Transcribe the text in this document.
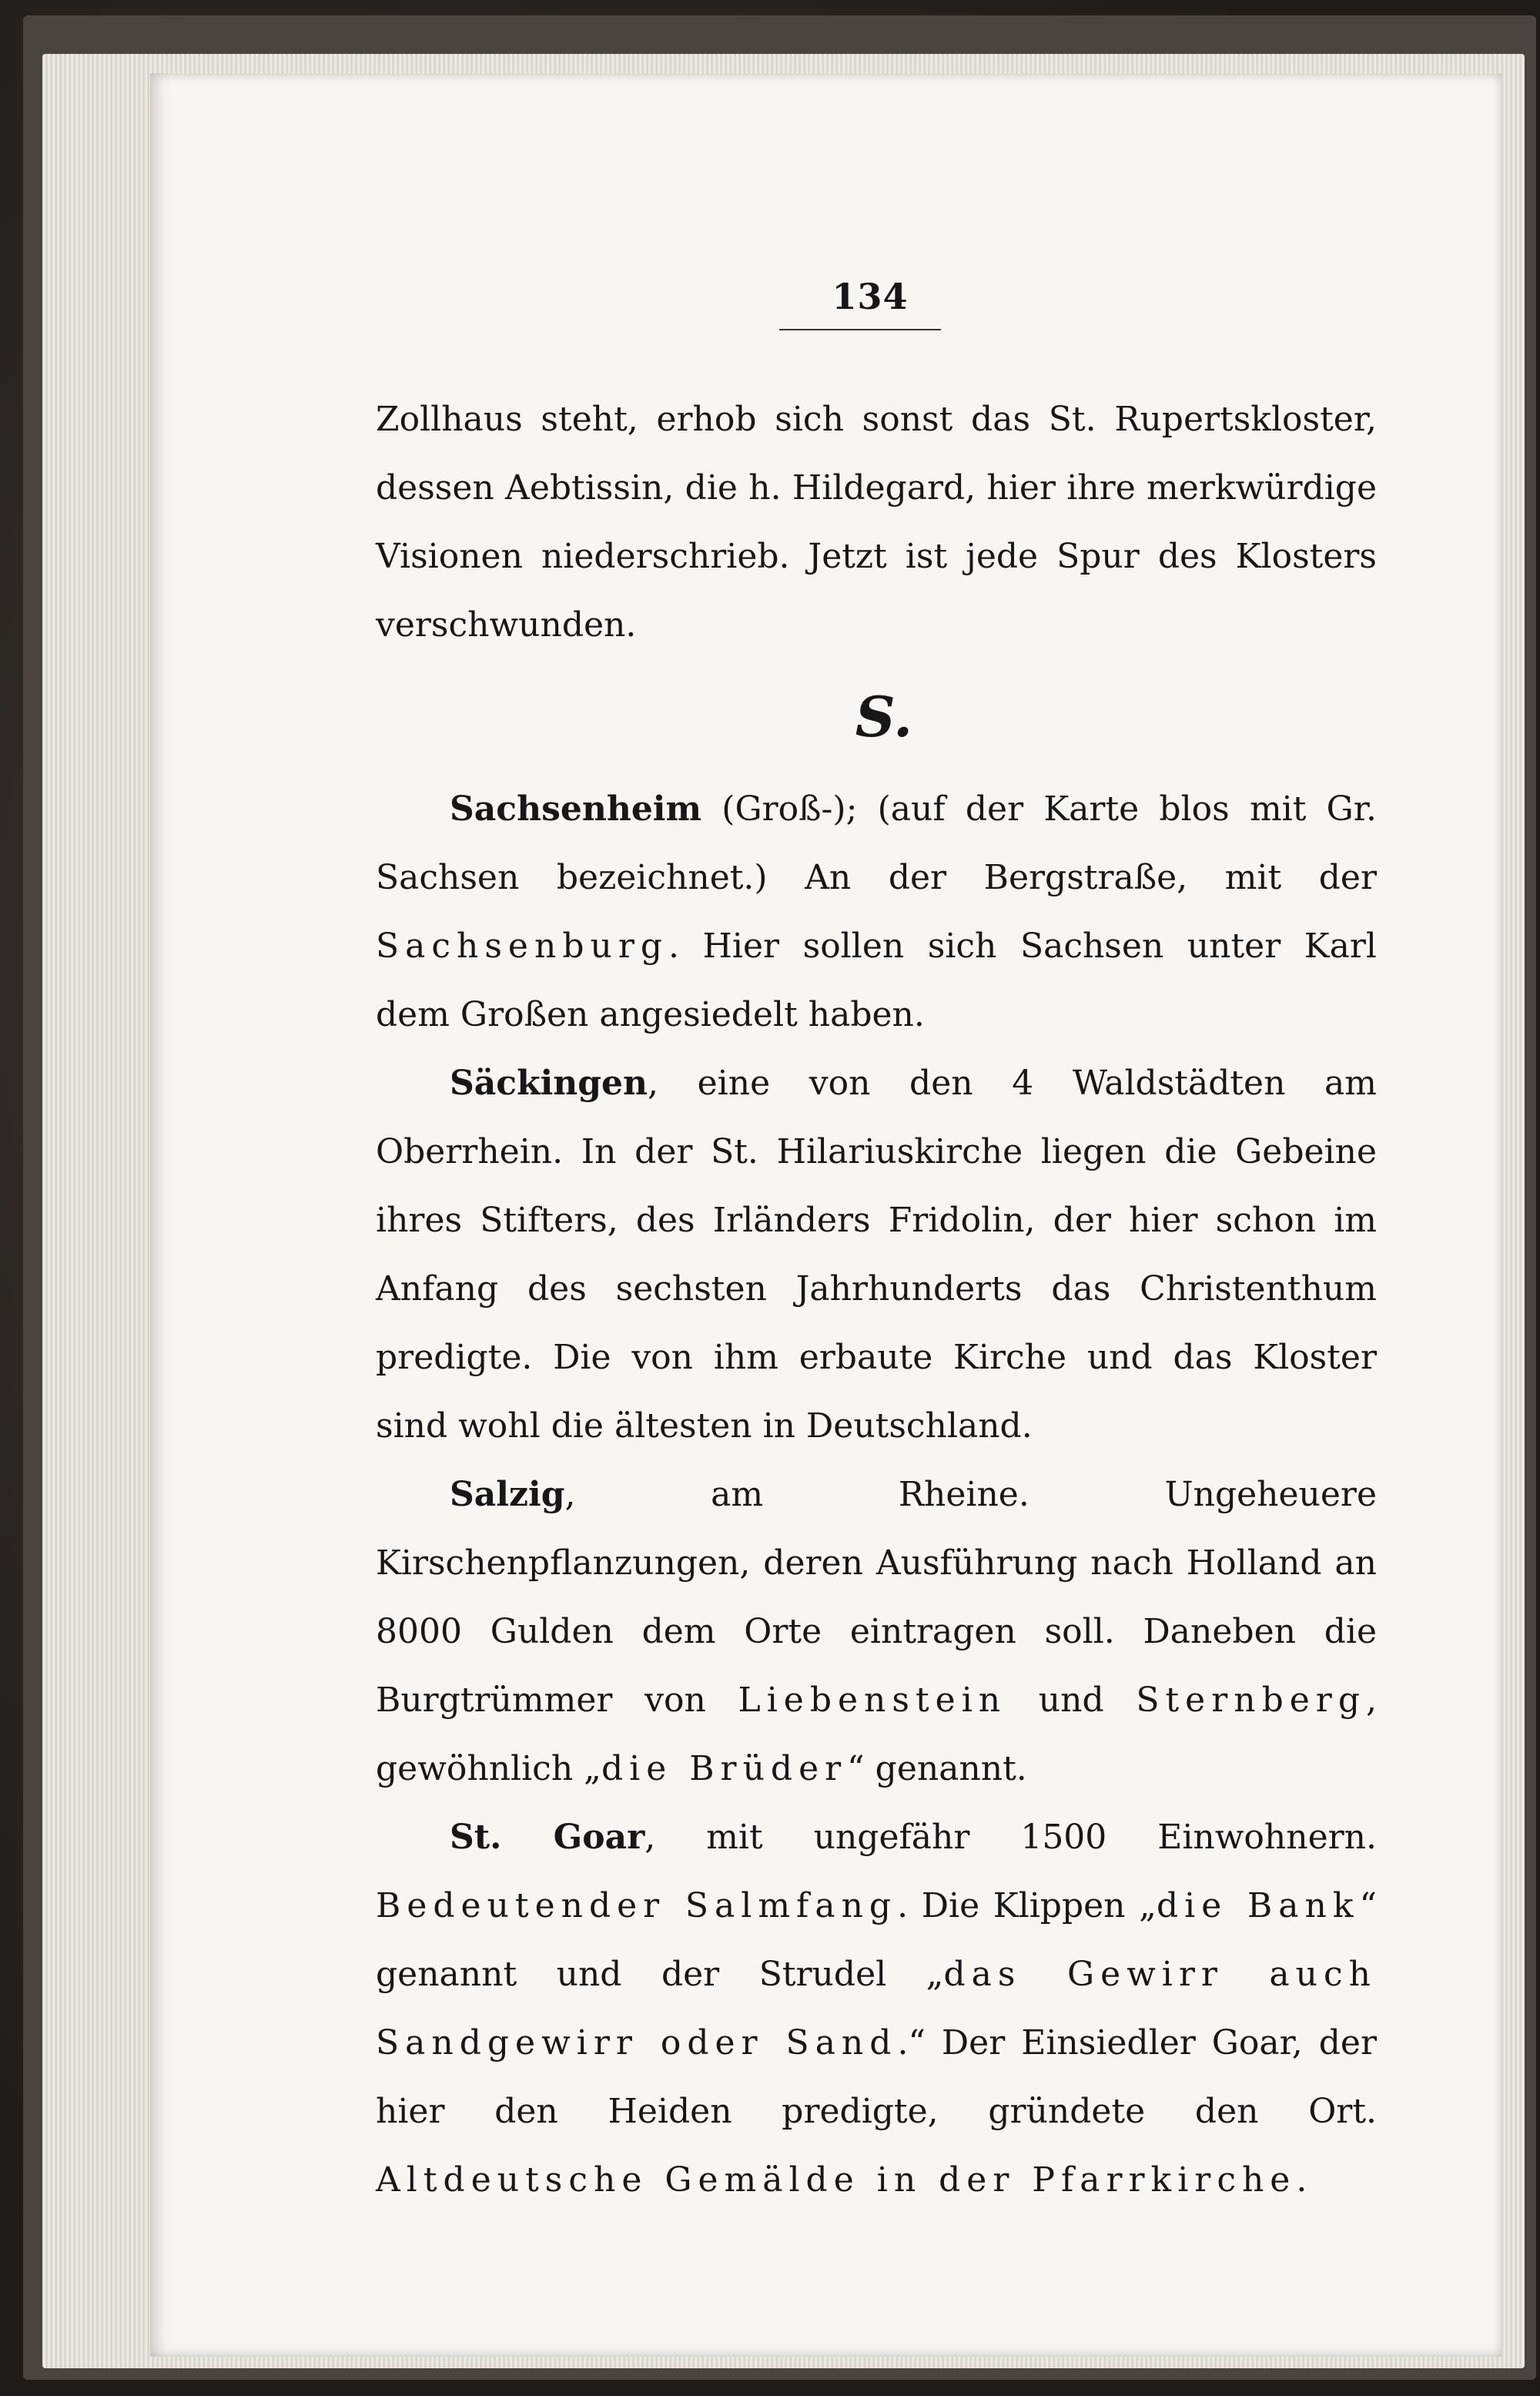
134

Zollhaus steht, erhob sich sonst das St. Rupertskloster, dessen Aebtissin, die h. Hildegard, hier ihre merkwürdige Visionen niederschrieb. Jetzt ist jede Spur des Klosters verschwunden.

S.

Sachsenheim (Groß-); (auf der Karte blos mit Gr. Sachsen bezeichnet.) An der Bergstraße, mit der Sachsenburg. Hier sollen sich Sachsen unter Karl dem Großen angesiedelt haben.

Säckingen, eine von den 4 Waldstädten am Oberrhein. In der St. Hilariuskirche liegen die Gebeine ihres Stifters, des Irländers Fridolin, der hier schon im Anfang des sechsten Jahrhunderts das Christenthum predigte. Die von ihm erbaute Kirche und das Kloster sind wohl die ältesten in Deutschland.

Salzig, am Rheine. Ungeheuere Kirschenpflanzungen, deren Ausführung nach Holland an 8000 Gulden dem Orte eintragen soll. Daneben die Burgtrümmer von Liebenstein und Sternberg, gewöhnlich „die Brüder“ genannt.

St. Goar, mit ungefähr 1500 Einwohnern. Bedeutender Salmfang. Die Klippen „die Bank“ genannt und der Strudel „das Gewirr auch Sandgewirr oder Sand.“ Der Einsiedler Goar, der hier den Heiden predigte, gründete den Ort. Altdeutsche Gemälde in der Pfarrkirche.
